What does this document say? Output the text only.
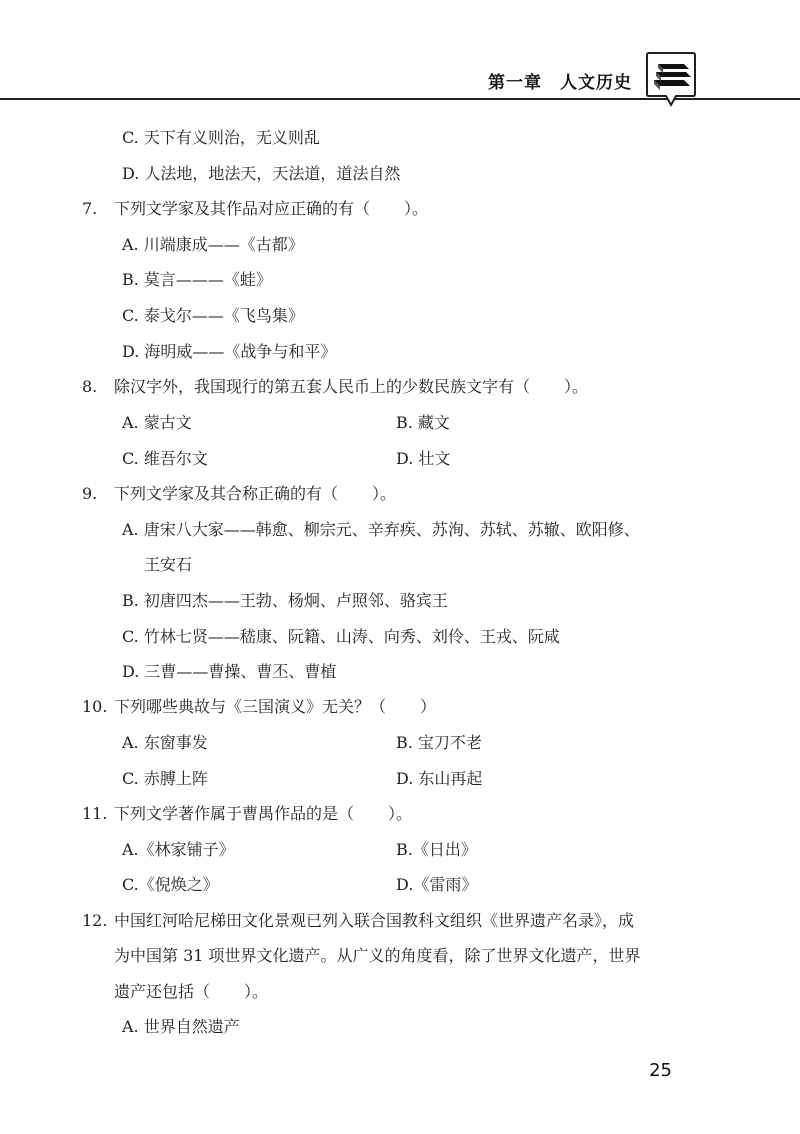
第一章　人文历史
C. 天下有义则治，无义则乱
D. 人法地，地法天，天法道，道法自然
7. 下列文学家及其作品对应正确的有（ ）。
A. 川端康成——《古都》
B. 莫言———《蛙》
C. 泰戈尔——《飞鸟集》
D. 海明威——《战争与和平》
8. 除汉字外，我国现行的第五套人民币上的少数民族文字有（ ）。
A. 蒙古文	B. 藏文
C. 维吾尔文	D. 壮文
9. 下列文学家及其合称正确的有（ ）。
A. 唐宋八大家——韩愈、柳宗元、辛弃疾、苏洵、苏轼、苏辙、欧阳修、
王安石
B. 初唐四杰——王勃、杨炯、卢照邻、骆宾王
C. 竹林七贤——嵇康、阮籍、山涛、向秀、刘伶、王戎、阮咸
D. 三曹——曹操、曹丕、曹植
10. 下列哪些典故与《三国演义》无关？（ ）
A. 东窗事发	B. 宝刀不老
C. 赤膊上阵	D. 东山再起
11. 下列文学著作属于曹禺作品的是（ ）。
A.《林家铺子》	B.《日出》
C.《倪焕之》	D.《雷雨》
12. 中国红河哈尼梯田文化景观已列入联合国教科文组织《世界遗产名录》，成
为中国第 31 项世界文化遗产。从广义的角度看，除了世界文化遗产，世界
遗产还包括（ ）。
A. 世界自然遗产
25
